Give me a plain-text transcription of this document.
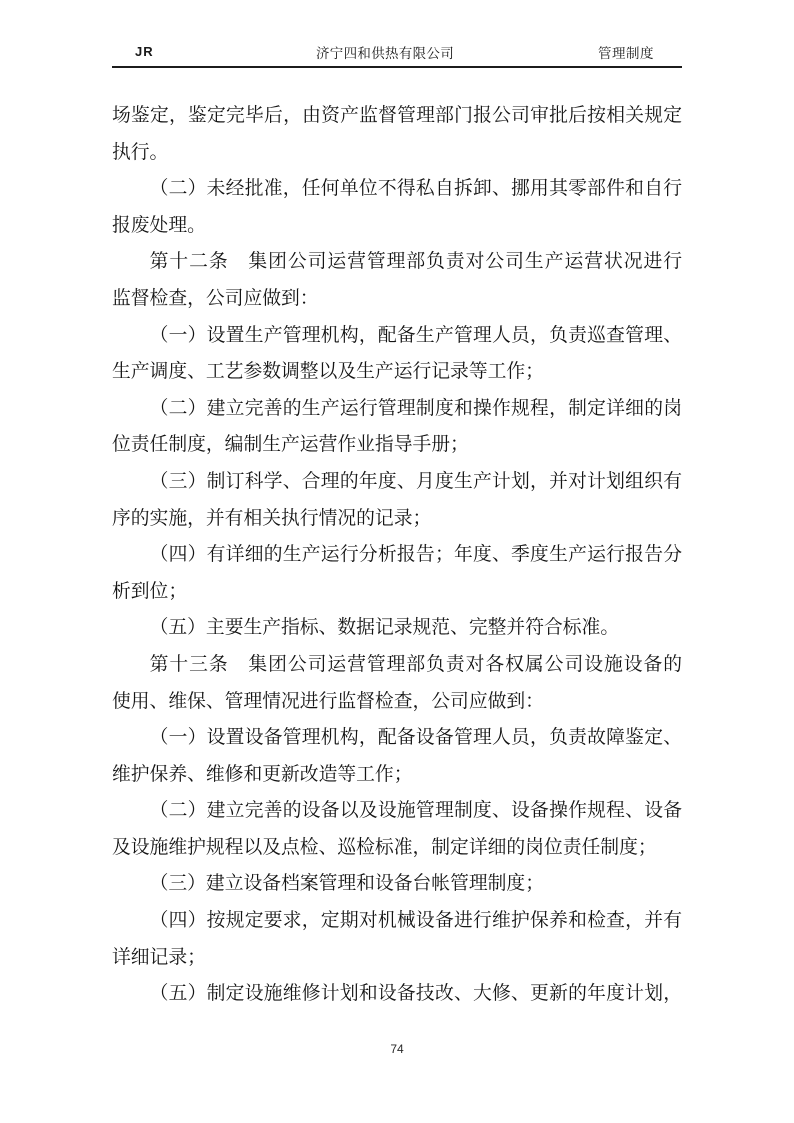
JR	济宁四和供热有限公司	管理制度
场鉴定，鉴定完毕后，由资产监督管理部门报公司审批后按相关规定
执行。
（二）未经批准，任何单位不得私自拆卸、挪用其零部件和自行
报废处理。
第十二条　集团公司运营管理部负责对公司生产运营状况进行
监督检查，公司应做到：
（一）设置生产管理机构，配备生产管理人员，负责巡查管理、
生产调度、工艺参数调整以及生产运行记录等工作；
（二）建立完善的生产运行管理制度和操作规程，制定详细的岗
位责任制度，编制生产运营作业指导手册；
（三）制订科学、合理的年度、月度生产计划，并对计划组织有
序的实施，并有相关执行情况的记录；
（四）有详细的生产运行分析报告；年度、季度生产运行报告分
析到位；
（五）主要生产指标、数据记录规范、完整并符合标准。
第十三条　集团公司运营管理部负责对各权属公司设施设备的
使用、维保、管理情况进行监督检查，公司应做到：
（一）设置设备管理机构，配备设备管理人员，负责故障鉴定、
维护保养、维修和更新改造等工作；
（二）建立完善的设备以及设施管理制度、设备操作规程、设备
及设施维护规程以及点检、巡检标准，制定详细的岗位责任制度；
（三）建立设备档案管理和设备台帐管理制度；
（四）按规定要求，定期对机械设备进行维护保养和检查，并有
详细记录；
（五）制定设施维修计划和设备技改、大修、更新的年度计划，
74
